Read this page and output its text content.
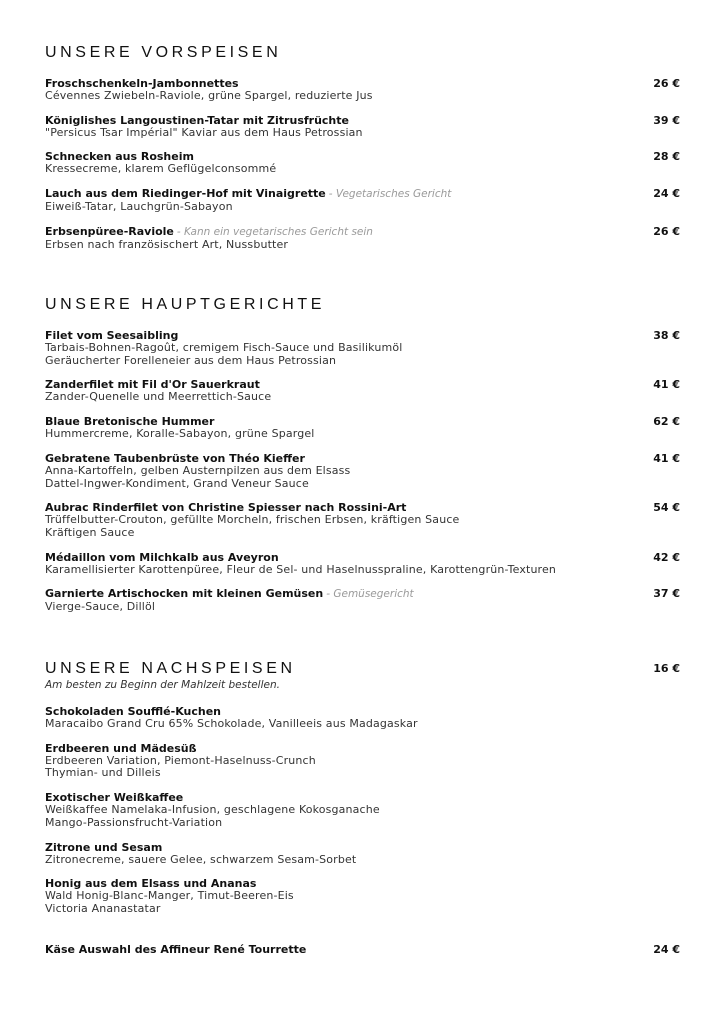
UNSERE VORSPEISEN
Froschschenkeln-Jambonnettes	26 €
Cévennes Zwiebeln-Raviole, grüne Spargel, reduzierte Jus
Königlishes Langoustinen-Tatar mit Zitrusfrüchte	39 €
"Persicus Tsar Impérial" Kaviar aus dem Haus Petrossian
Schnecken aus Rosheim	28 €
Kressecreme, klarem Geflügelconsommé
Lauch aus dem Riedinger-Hof mit Vinaigrette - Vegetarisches Gericht	24 €
Eiweiß-Tatar, Lauchgrün-Sabayon
Erbsenpüree-Raviole - Kann ein vegetarisches Gericht sein	26 €
Erbsen nach französischert Art, Nussbutter
UNSERE HAUPTGERICHTE
Filet vom Seesaibling	38 €
Tarbais-Bohnen-Ragoût, cremigem Fisch-Sauce und Basilikumöl
Geräucherter Forelleneier aus dem Haus Petrossian
Zanderfilet mit Fil d'Or Sauerkraut	41 €
Zander-Quenelle und Meerrettich-Sauce
Blaue Bretonische Hummer	62 €
Hummercreme, Koralle-Sabayon, grüne Spargel
Gebratene Taubenbrüste von Théo Kieffer	41 €
Anna-Kartoffeln, gelben Austernpilzen aus dem Elsass
Dattel-Ingwer-Kondiment, Grand Veneur Sauce
Aubrac Rinderfilet von Christine Spiesser nach Rossini-Art	54 €
Trüffelbutter-Crouton, gefüllte Morcheln, frischen Erbsen, kräftigen Sauce
Kräftigen Sauce
Médaillon vom Milchkalb aus Aveyron	42 €
Karamellisierter Karottenpüree, Fleur de Sel- und Haselnusspraline, Karottengrün-Texturen
Garnierte Artischocken mit kleinen Gemüsen - Gemüsegericht	37 €
Vierge-Sauce, Dillöl
UNSERE NACHSPEISEN	16 €
Am besten zu Beginn der Mahlzeit bestellen.
Schokoladen Soufflé-Kuchen
Maracaibo Grand Cru 65% Schokolade, Vanilleeis aus Madagaskar
Erdbeeren und Mädesüß
Erdbeeren Variation, Piemont-Haselnuss-Crunch
Thymian- und Dilleis
Exotischer Weißkaffee
Weißkaffee Namelaka-Infusion, geschlagene Kokosganache
Mango-Passionsfrucht-Variation
Zitrone und Sesam
Zitronecreme, sauere Gelee, schwarzem Sesam-Sorbet
Honig aus dem Elsass und Ananas
Wald Honig-Blanc-Manger, Timut-Beeren-Eis
Victoria Ananastatar
Käse Auswahl des Affineur René Tourrette	24 €
